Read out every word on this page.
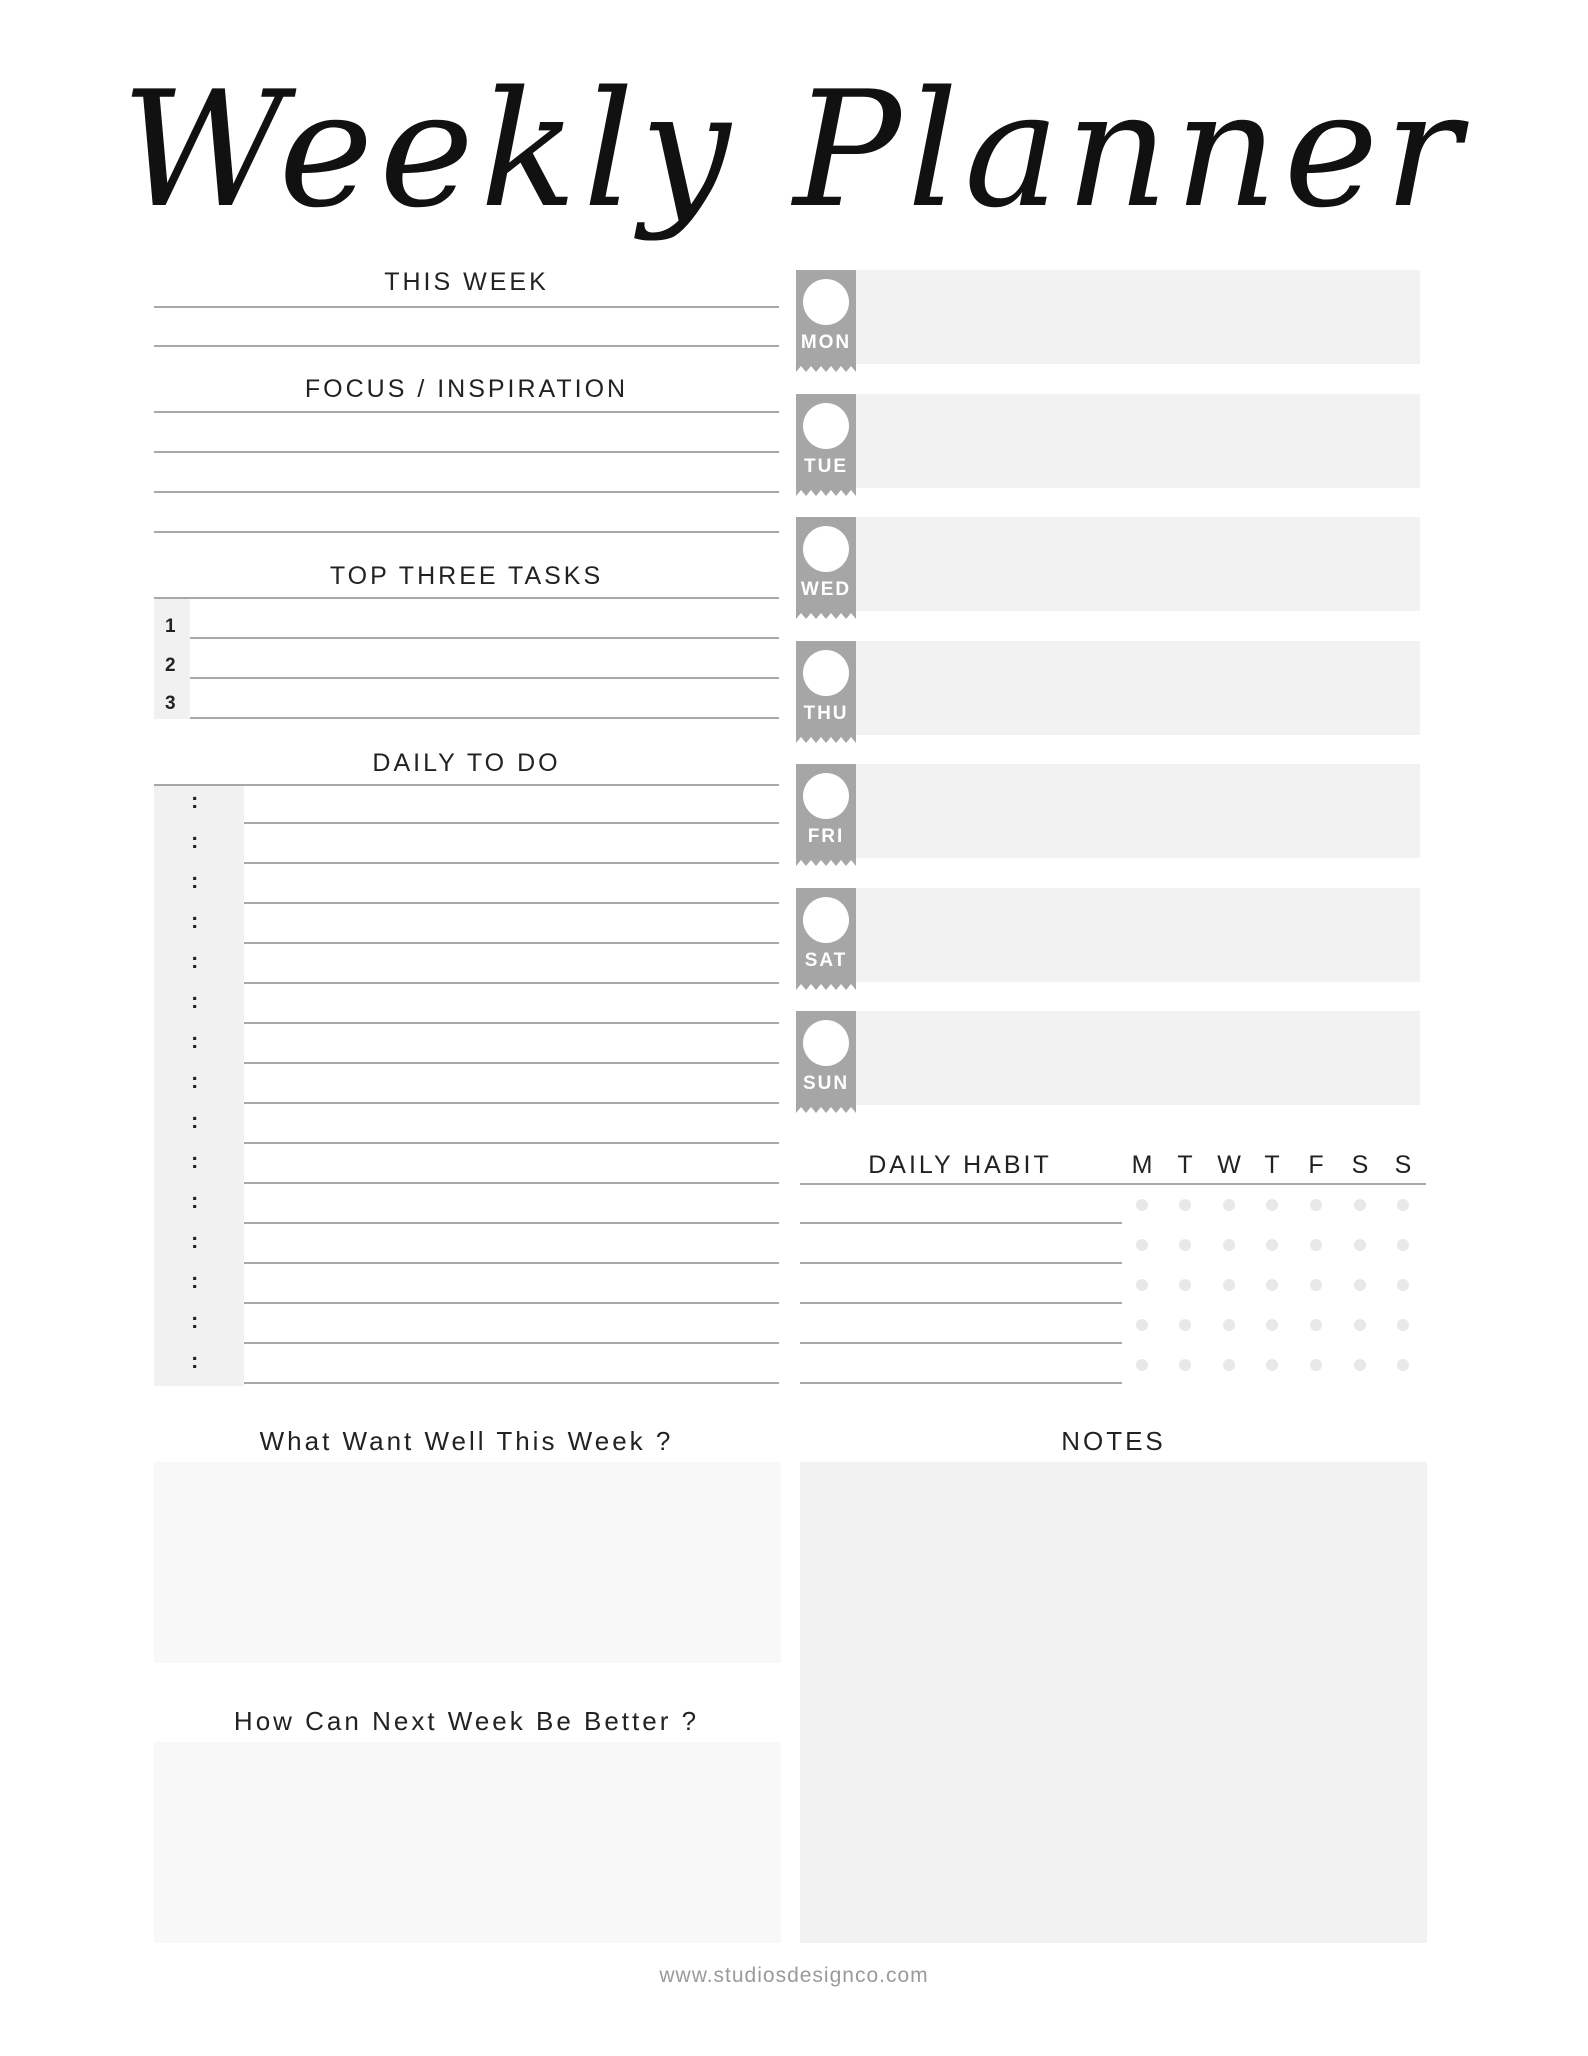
Weekly Planner
THIS WEEK
FOCUS / INSPIRATION
TOP THREE TASKS
1
2
3
DAILY TO DO
:
:
:
:
:
:
:
:
:
:
:
:
:
:
:
MON
TUE
WED
THU
FRI
SAT
SUN
DAILY HABIT	M T W T F S S
What Want Well This Week ?
How Can Next Week Be Better ?
NOTES
www.studiosdesignco.com
